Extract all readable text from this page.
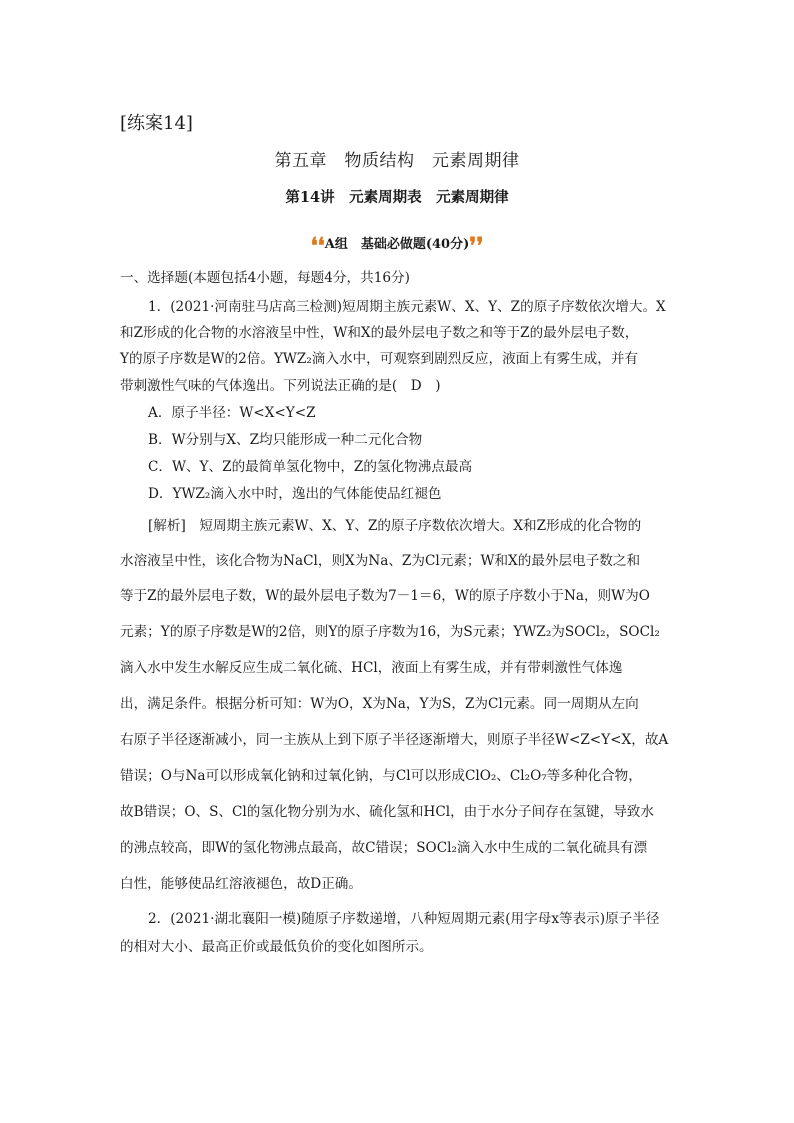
[练案14]
第五章　物质结构　元素周期律
第14讲　元素周期表　元素周期律
❛❛A组　基础必做题(40分)❜❜
一、选择题(本题包括4小题，每题4分，共16分)
1．(2021·河南驻马店高三检测)短周期主族元素W、X、Y、Z的原子序数依次增大。X
和Z形成的化合物的水溶液呈中性，W和X的最外层电子数之和等于Z的最外层电子数，
Y的原子序数是W的2倍。YWZ₂滴入水中，可观察到剧烈反应，液面上有雾生成，并有
带刺激性气味的气体逸出。下列说法正确的是(　D　)
A．原子半径：W<X<Y<Z
B．W分别与X、Z均只能形成一种二元化合物
C．W、Y、Z的最简单氢化物中，Z的氢化物沸点最高
D．YWZ₂滴入水中时，逸出的气体能使品红褪色
[解析]　短周期主族元素W、X、Y、Z的原子序数依次增大。X和Z形成的化合物的
水溶液呈中性，该化合物为NaCl，则X为Na、Z为Cl元素；W和X的最外层电子数之和
等于Z的最外层电子数，W的最外层电子数为7－1＝6，W的原子序数小于Na，则W为O
元素；Y的原子序数是W的2倍，则Y的原子序数为16，为S元素；YWZ₂为SOCl₂，SOCl₂
滴入水中发生水解反应生成二氧化硫、HCl，液面上有雾生成，并有带刺激性气体逸
出，满足条件。根据分析可知：W为O，X为Na，Y为S，Z为Cl元素。同一周期从左向
右原子半径逐渐减小，同一主族从上到下原子半径逐渐增大，则原子半径W<Z<Y<X，故A
错误；O与Na可以形成氧化钠和过氧化钠，与Cl可以形成ClO₂、Cl₂O₇等多种化合物，
故B错误；O、S、Cl的氢化物分别为水、硫化氢和HCl，由于水分子间存在氢键，导致水
的沸点较高，即W的氢化物沸点最高，故C错误；SOCl₂滴入水中生成的二氧化硫具有漂
白性，能够使品红溶液褪色，故D正确。
2．(2021·湖北襄阳一模)随原子序数递增，八种短周期元素(用字母x等表示)原子半径
的相对大小、最高正价或最低负价的变化如图所示。
